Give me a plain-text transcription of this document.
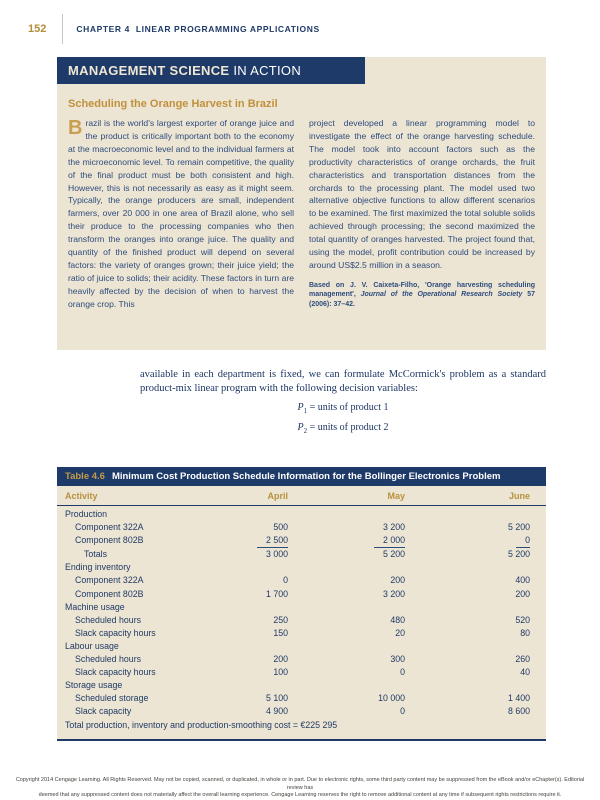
152	CHAPTER 4  LINEAR PROGRAMMING APPLICATIONS
MANAGEMENT SCIENCE IN ACTION
Scheduling the Orange Harvest in Brazil
Brazil is the world's largest exporter of orange juice and the product is critically important both to the economy at the macroeconomic level and to the individual farmers at the microeconomic level. To remain competitive, the quality of the final product must be both consistent and high. However, this is not necessarily as easy as it might seem. Typically, the orange producers are small, independent farmers, over 20 000 in one area of Brazil alone, who sell their produce to the processing companies who then transform the oranges into orange juice. The quality and quantity of the finished product will depend on several factors: the variety of oranges grown; their juice yield; the ratio of juice to solids; their acidity. These factors in turn are heavily affected by the decision of when to harvest the orange crop. This
project developed a linear programming model to investigate the effect of the orange harvesting schedule. The model took into account factors such as the productivity characteristics of orange orchards, the fruit characteristics and transportation distances from the orchards to the processing plant. The model used two alternative objective functions to allow different scenarios to be examined. The first maximized the total soluble solids achieved through processing; the second maximized the total quantity of oranges harvested. The project found that, using the model, profit contribution could be increased by around US$2.5 million in a season.
Based on J. V. Caixeta-Filho, 'Orange harvesting scheduling management', Journal of the Operational Research Society 57 (2006): 37–42.
available in each department is fixed, we can formulate McCormick's problem as a standard product-mix linear program with the following decision variables:
$P_1$ = units of product 1
$P_2$ = units of product 2
Table 4.6 Minimum Cost Production Schedule Information for the Bollinger Electronics Problem
Activity	April	May	June
Production
Component 322A	500	3 200	5 200
Component 802B	2 500	2 000	0
Totals	3 000	5 200	5 200
Ending inventory
Component 322A	0	200	400
Component 802B	1 700	3 200	200
Machine usage
Scheduled hours	250	480	520
Slack capacity hours	150	20	80
Labour usage
Scheduled hours	200	300	260
Slack capacity hours	100	0	40
Storage usage
Scheduled storage	5 100	10 000	1 400
Slack capacity	4 900	0	8 600
Total production, inventory and production-smoothing cost = €225 295
Copyright 2014 Cengage Learning. All Rights Reserved. May not be copied, scanned, or duplicated, in whole or in part. Due to electronic rights, some third party content may be suppressed from the eBook and/or eChapter(s). Editorial review has
deemed that any suppressed content does not materially affect the overall learning experience. Cengage Learning reserves the right to remove additional content at any time if subsequent rights restrictions require it.
